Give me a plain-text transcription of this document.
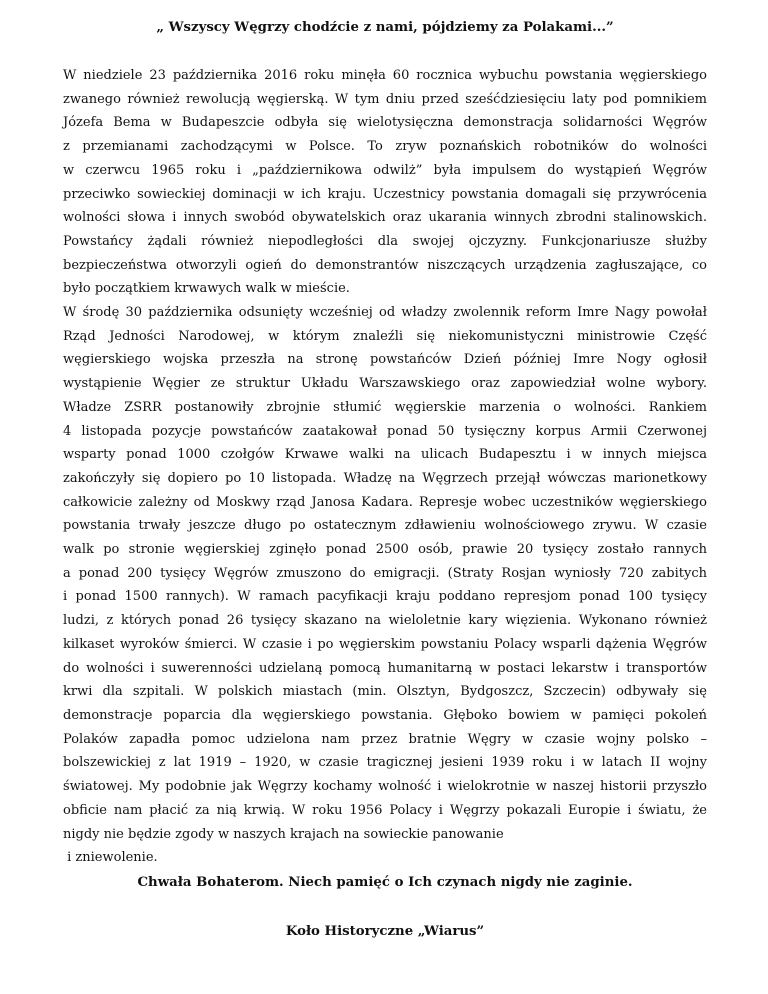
„ Wszyscy Węgrzy chodźcie z nami, pójdziemy za Polakami...”
W niedziele 23 października 2016 roku minęła 60 rocznica wybuchu powstania węgierskiego
zwanego również rewolucją węgierską. W tym dniu przed sześćdziesięciu laty pod pomnikiem
Józefa Bema w Budapeszcie odbyła się wielotysięczna demonstracja solidarności Węgrów
z przemianami zachodzącymi w Polsce. To zryw poznańskich robotników do wolności
w czerwcu 1965 roku i „październikowa odwilż” była impulsem do wystąpień Węgrów
przeciwko sowieckiej dominacji w ich kraju. Uczestnicy powstania domagali się przywrócenia
wolności słowa i innych swobód obywatelskich oraz ukarania winnych zbrodni stalinowskich.
Powstańcy żądali również niepodległości dla swojej ojczyzny. Funkcjonariusze służby
bezpieczeństwa otworzyli ogień do demonstrantów niszczących urządzenia zagłuszające, co
było początkiem krwawych walk w mieście.
W środę 30 października odsunięty wcześniej od władzy zwolennik reform Imre Nagy powołał
Rząd Jedności Narodowej, w którym znaleźli się niekomunistyczni ministrowie Część
węgierskiego wojska przeszła na stronę powstańców Dzień później Imre Nogy ogłosił
wystąpienie Węgier ze struktur Układu Warszawskiego oraz zapowiedział wolne wybory.
Władze ZSRR postanowiły zbrojnie stłumić węgierskie marzenia o wolności. Rankiem
4 listopada pozycje powstańców zaatakował ponad 50 tysięczny korpus Armii Czerwonej
wsparty ponad 1000 czołgów Krwawe walki na ulicach Budapesztu i w innych miejsca
zakończyły się dopiero po 10 listopada. Władzę na Węgrzech przejął wówczas marionetkowy
całkowicie zależny od Moskwy rząd Janosa Kadara. Represje wobec uczestników węgierskiego
powstania trwały jeszcze długo po ostatecznym zdławieniu wolnościowego zrywu. W czasie
walk po stronie węgierskiej zginęło ponad 2500 osób, prawie 20 tysięcy zostało rannych
a ponad 200 tysięcy Węgrów zmuszono do emigracji. (Straty Rosjan wyniosły 720 zabitych
i ponad 1500 rannych). W ramach pacyfikacji kraju poddano represjom ponad 100 tysięcy
ludzi, z których ponad 26 tysięcy skazano na wieloletnie kary więzienia. Wykonano również
kilkaset wyroków śmierci. W czasie i po węgierskim powstaniu Polacy wsparli dążenia Węgrów
do wolności i suwerenności udzielaną pomocą humanitarną w postaci lekarstw i transportów
krwi dla szpitali. W polskich miastach (min. Olsztyn, Bydgoszcz, Szczecin) odbywały się
demonstracje poparcia dla węgierskiego powstania. Głęboko bowiem w pamięci pokoleń
Polaków zapadła pomoc udzielona nam przez bratnie Węgry w czasie wojny polsko –
bolszewickiej z lat 1919 – 1920, w czasie tragicznej jesieni 1939 roku i w latach II wojny
światowej. My podobnie jak Węgrzy kochamy wolność i wielokrotnie w naszej historii przyszło
obficie nam płacić za nią krwią. W roku 1956 Polacy i Węgrzy pokazali Europie i światu, że
nigdy nie będzie zgody w naszych krajach na sowieckie panowanie
i zniewolenie.
Chwała Bohaterom. Niech pamięć o Ich czynach nigdy nie zaginie.
Koło Historyczne „Wiarus”
